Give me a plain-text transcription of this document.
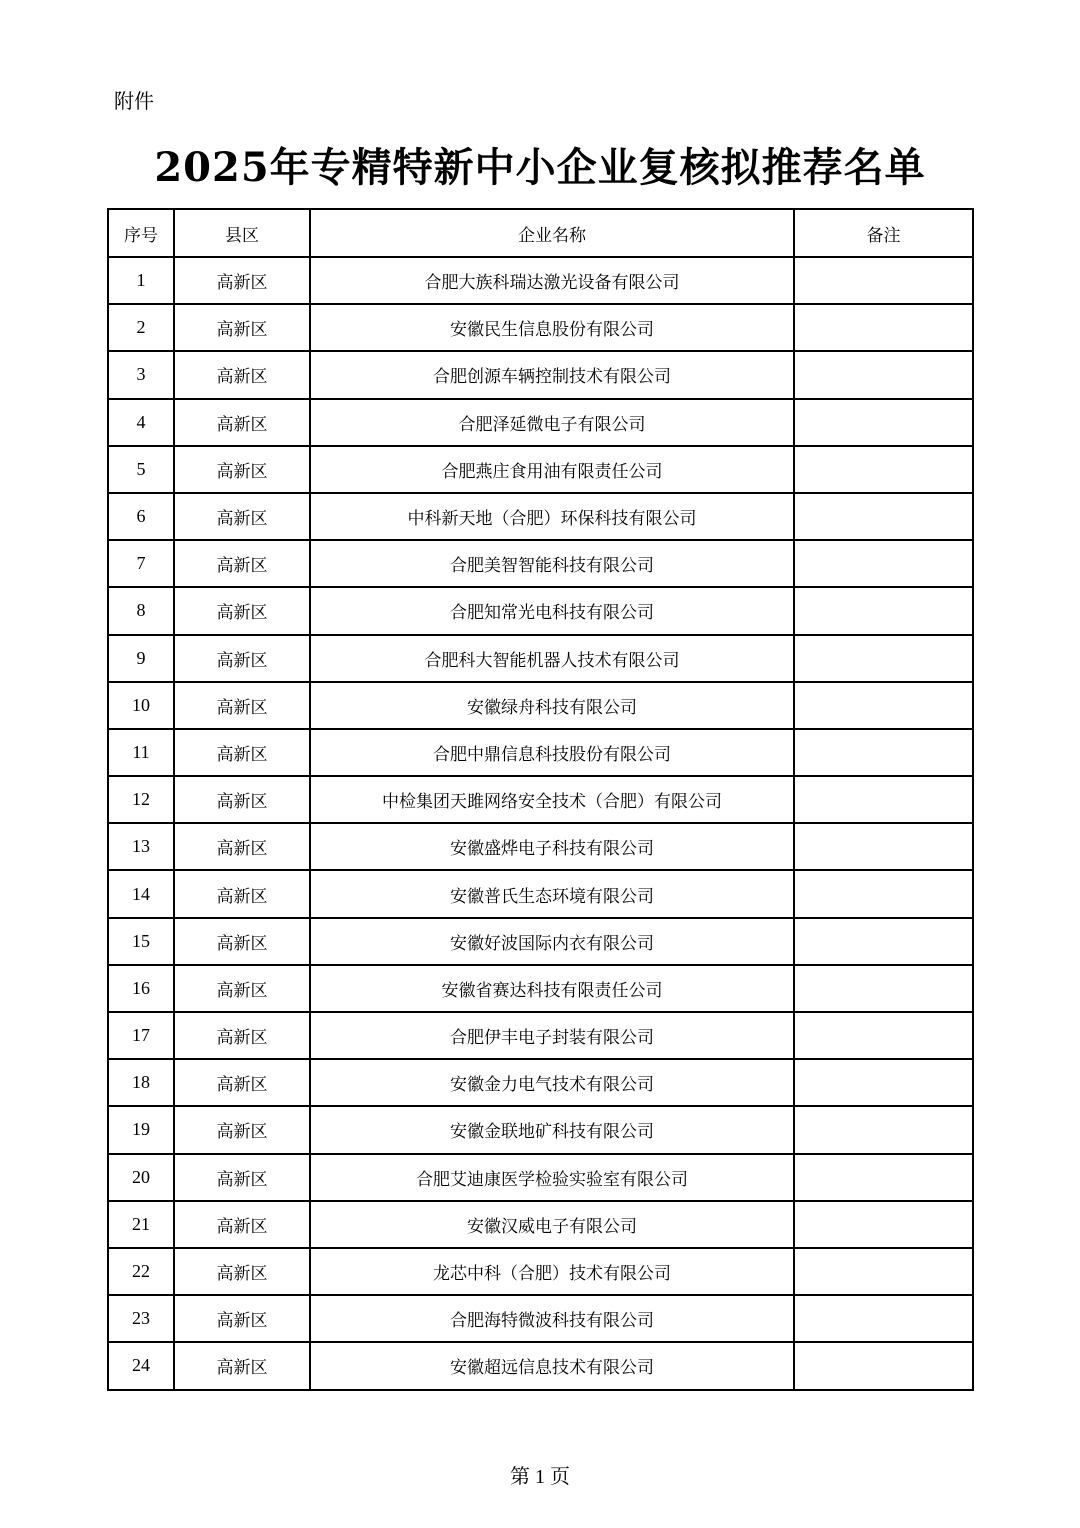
附件
2025年专精特新中小企业复核拟推荐名单
序号	县区	企业名称	备注
1	高新区	合肥大族科瑞达激光设备有限公司	
2	高新区	安徽民生信息股份有限公司	
3	高新区	合肥创源车辆控制技术有限公司	
4	高新区	合肥泽延微电子有限公司	
5	高新区	合肥燕庄食用油有限责任公司	
6	高新区	中科新天地（合肥）环保科技有限公司	
7	高新区	合肥美智智能科技有限公司	
8	高新区	合肥知常光电科技有限公司	
9	高新区	合肥科大智能机器人技术有限公司	
10	高新区	安徽绿舟科技有限公司	
11	高新区	合肥中鼎信息科技股份有限公司	
12	高新区	中检集团天雎网络安全技术（合肥）有限公司	
13	高新区	安徽盛烨电子科技有限公司	
14	高新区	安徽普氏生态环境有限公司	
15	高新区	安徽好波国际内衣有限公司	
16	高新区	安徽省赛达科技有限责任公司	
17	高新区	合肥伊丰电子封装有限公司	
18	高新区	安徽金力电气技术有限公司	
19	高新区	安徽金联地矿科技有限公司	
20	高新区	合肥艾迪康医学检验实验室有限公司	
21	高新区	安徽汉威电子有限公司	
22	高新区	龙芯中科（合肥）技术有限公司	
23	高新区	合肥海特微波科技有限公司	
24	高新区	安徽超远信息技术有限公司	
第 1 页
